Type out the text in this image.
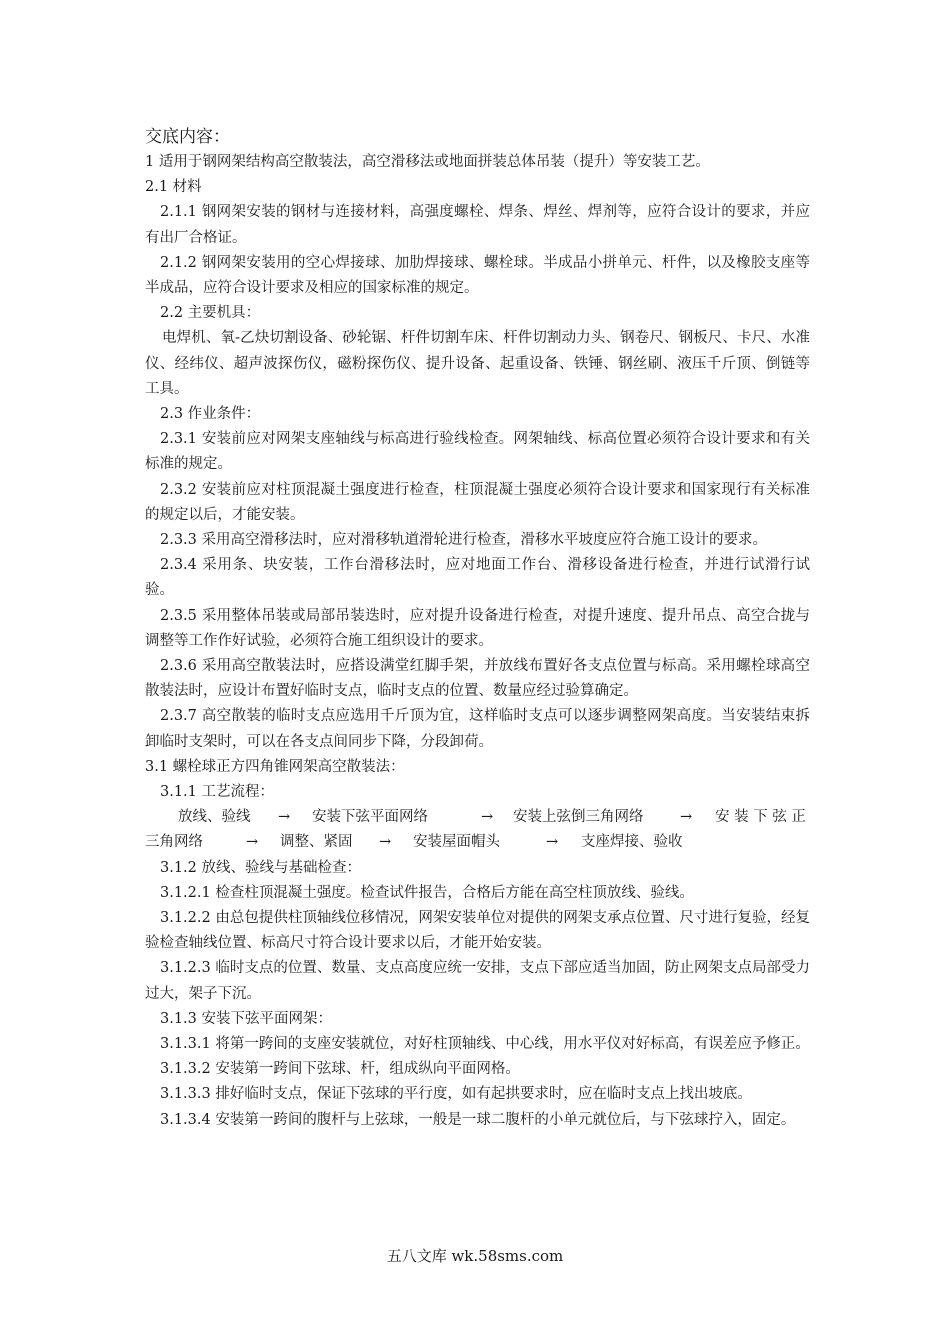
交底内容：

1 适用于钢网架结构高空散装法，高空滑移法或地面拼装总体吊装（提升）等安装工艺。

2.1 材料

2.1.1 钢网架安装的钢材与连接材料，高强度螺栓、焊条、焊丝、焊剂等，应符合设计的要求，并应有出厂合格证。

2.1.2 钢网架安装用的空心焊接球、加肋焊接球、螺栓球。半成品小拼单元、杆件，以及橡胶支座等半成品，应符合设计要求及相应的国家标准的规定。

2.2 主要机具：

电焊机、氧-乙炔切割设备、砂轮锯、杆件切割车床、杆件切割动力头、钢卷尺、钢板尺、卡尺、水准仪、经纬仪、超声波探伤仪，磁粉探伤仪、提升设备、起重设备、铁锤、钢丝刷、液压千斤顶、倒链等工具。

2.3 作业条件：

2.3.1 安装前应对网架支座轴线与标高进行验线检查。网架轴线、标高位置必须符合设计要求和有关标准的规定。

2.3.2 安装前应对柱顶混凝土强度进行检查，柱顶混凝土强度必须符合设计要求和国家现行有关标准的规定以后，才能安装。

2.3.3 采用高空滑移法时，应对滑移轨道滑轮进行检查，滑移水平坡度应符合施工设计的要求。

2.3.4 采用条、块安装，工作台滑移法时，应对地面工作台、滑移设备进行检查，并进行试滑行试验。

2.3.5 采用整体吊装或局部吊装迭时，应对提升设备进行检查，对提升速度、提升吊点、高空合拢与调整等工作作好试验，必须符合施工组织设计的要求。

2.3.6 采用高空散装法时，应搭设满堂红脚手架，并放线布置好各支点位置与标高。采用螺栓球高空散装法时，应设计布置好临时支点，临时支点的位置、数量应经过验算确定。

2.3.7 高空散装的临时支点应选用千斤顶为宜，这样临时支点可以逐步调整网架高度。当安装结束拆卸临时支架时，可以在各支点间同步下降，分段卸荷。

3.1 螺栓球正方四角锥网架高空散装法：

3.1.1 工艺流程：

放线、验线 → 安装下弦平面网络	→ 安装上弦倒三角网络	→ 安 装 下 弦 正
三角网络	→ 调整、紧固 → 安装屋面帽头	→ 支座焊接、验收

3.1.2 放线、验线与基础检查：

3.1.2.1 检查柱顶混凝土强度。检查试件报告，合格后方能在高空柱顶放线、验线。

3.1.2.2 由总包提供柱顶轴线位移情况，网架安装单位对提供的网架支承点位置、尺寸进行复验，经复验检查轴线位置、标高尺寸符合设计要求以后，才能开始安装。

3.1.2.3 临时支点的位置、数量、支点高度应统一安排，支点下部应适当加固，防止网架支点局部受力过大，架子下沉。

3.1.3 安装下弦平面网架：

3.1.3.1 将第一跨间的支座安装就位，对好柱顶轴线、中心线，用水平仪对好标高，有误差应予修正。

3.1.3.2 安装第一跨间下弦球、杆，组成纵向平面网格。

3.1.3.3 排好临时支点，保证下弦球的平行度，如有起拱要求时，应在临时支点上找出坡底。

3.1.3.4 安装第一跨间的腹杆与上弦球，一般是一球二腹杆的小单元就位后，与下弦球拧入，固定。

五八文库 wk.58sms.com
